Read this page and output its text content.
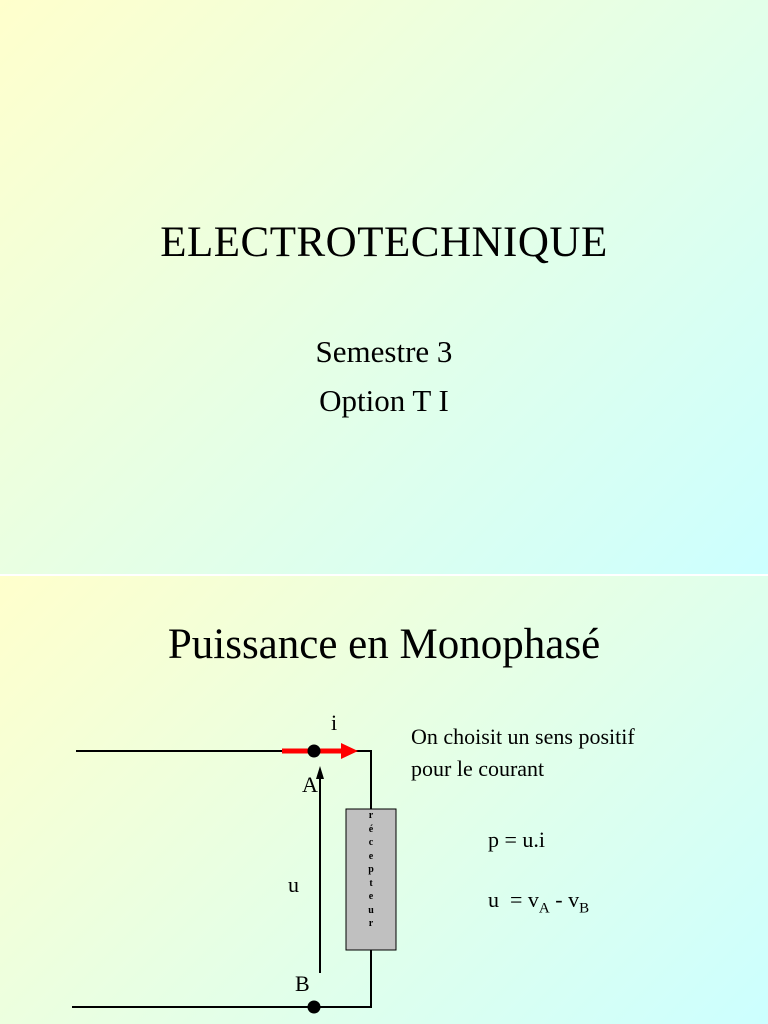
ELECTROTECHNIQUE
Semestre 3
Option T I
Puissance en Monophasé
i
A
u
B
r
é
c
e
p
t
e
u
r
On choisit un sens positif
pour le courant
p = u.i
$u = v_A - v_B$
